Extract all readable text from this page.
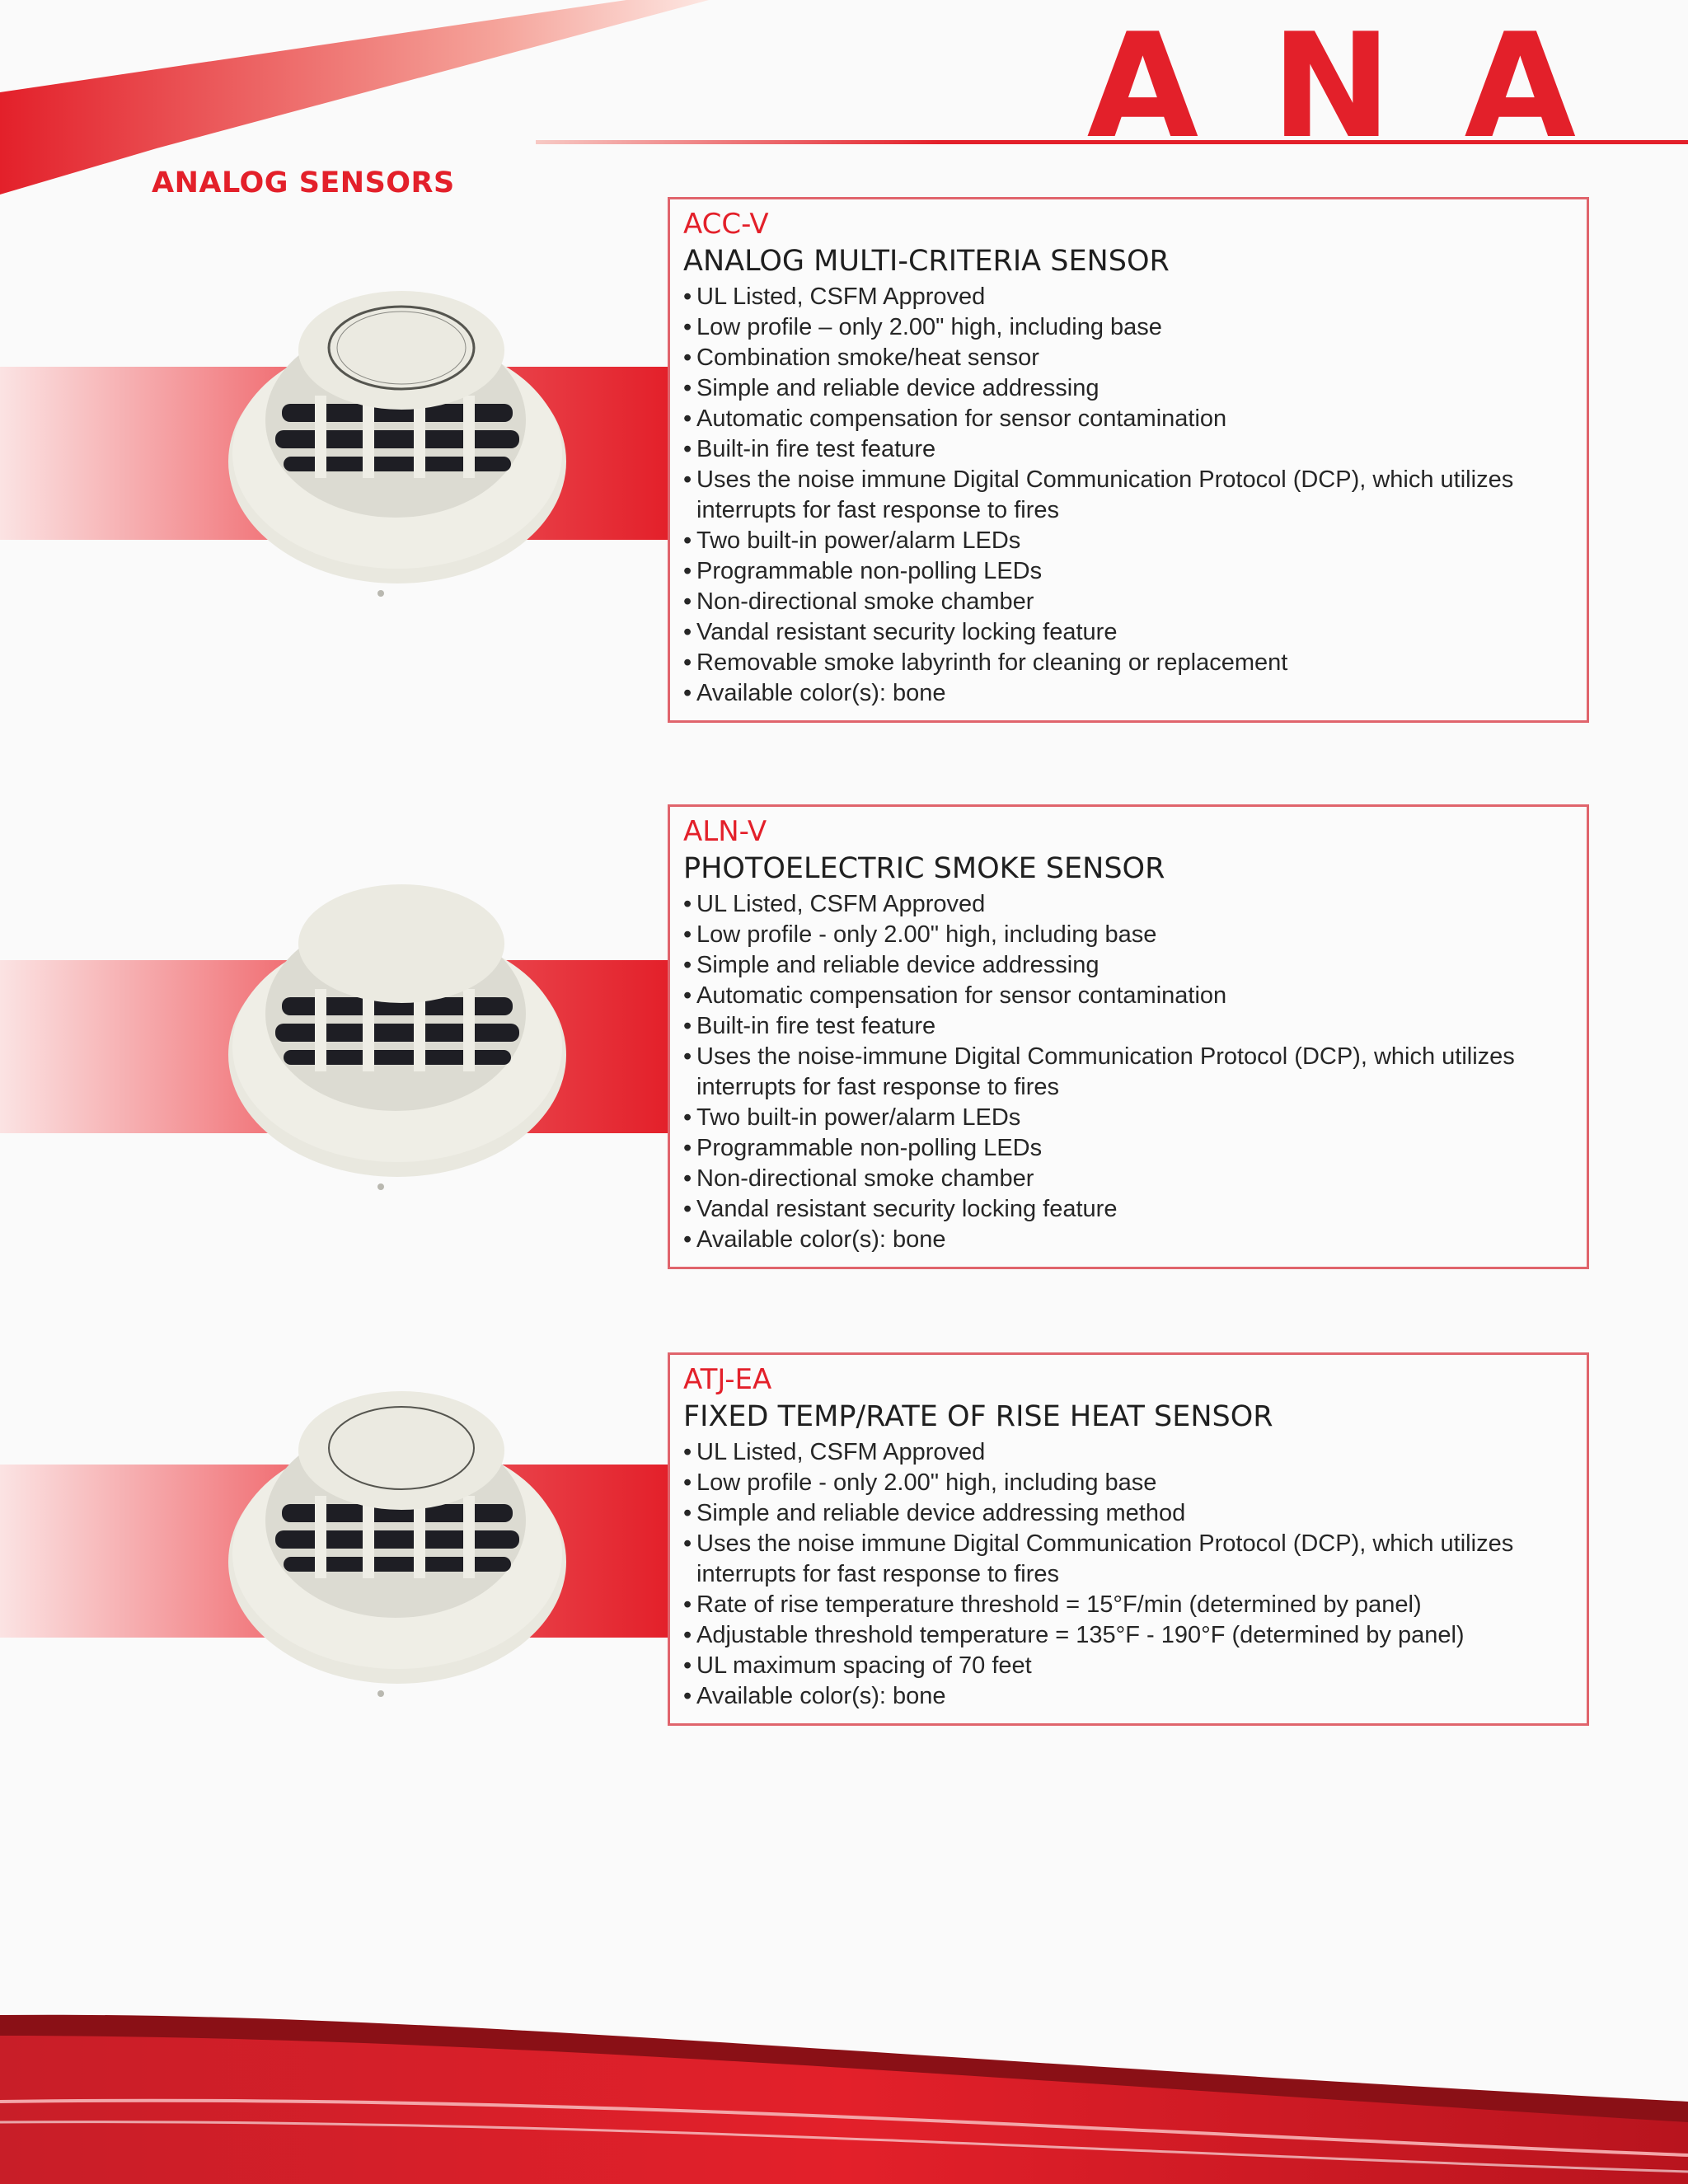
ANA
ANALOG SENSORS
ACC-V
ANALOG MULTI-CRITERIA SENSOR
• UL Listed, CSFM Approved
• Low profile – only 2.00" high, including base
• Combination smoke/heat sensor
• Simple and reliable device addressing
• Automatic compensation for sensor contamination
• Built-in fire test feature
• Uses the noise immune Digital Communication Protocol (DCP), which utilizes interrupts for fast response to fires
• Two built-in power/alarm LEDs
• Programmable non-polling LEDs
• Non-directional smoke chamber
• Vandal resistant security locking feature
• Removable smoke labyrinth for cleaning or replacement
• Available color(s): bone
ALN-V
PHOTOELECTRIC SMOKE SENSOR
• UL Listed, CSFM Approved
• Low profile - only 2.00" high, including base
• Simple and reliable device addressing
• Automatic compensation for sensor contamination
• Built-in fire test feature
• Uses the noise-immune Digital Communication Protocol (DCP), which utilizes interrupts for fast response to fires
• Two built-in power/alarm LEDs
• Programmable non-polling LEDs
• Non-directional smoke chamber
• Vandal resistant security locking feature
• Available color(s): bone
ATJ-EA
FIXED TEMP/RATE OF RISE HEAT SENSOR
• UL Listed, CSFM Approved
• Low profile - only 2.00" high, including base
• Simple and reliable device addressing method
• Uses the noise immune Digital Communication Protocol (DCP), which utilizes interrupts for fast response to fires
• Rate of rise temperature threshold = 15°F/min (determined by panel)
• Adjustable threshold temperature = 135°F - 190°F (determined by panel)
• UL maximum spacing of 70 feet
• Available color(s): bone
